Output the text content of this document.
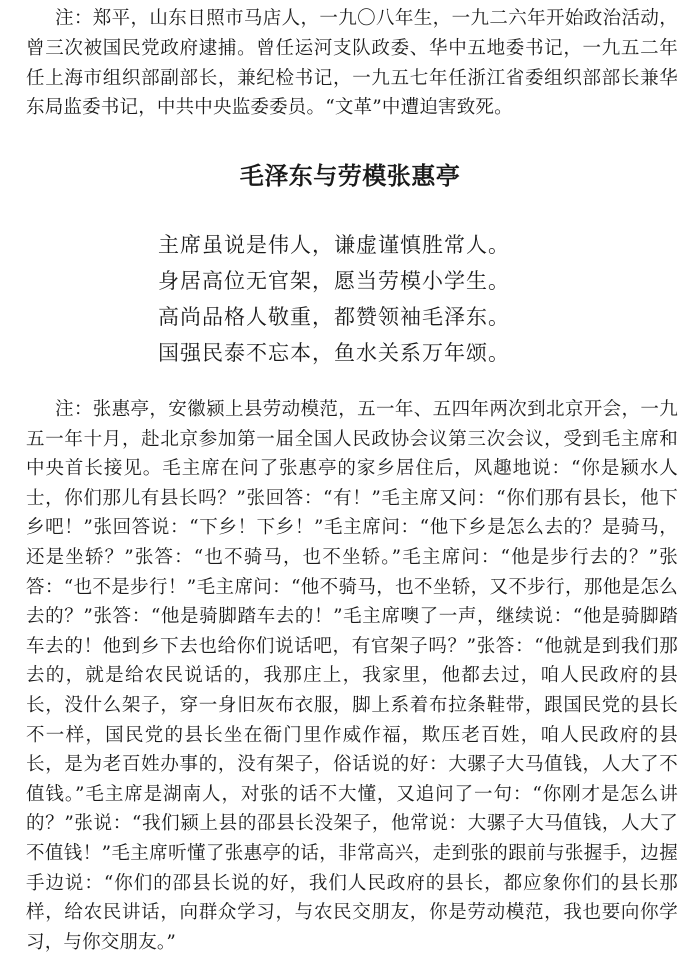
注：郑平，山东日照市马店人，一九〇八年生，一九二六年开始政治活动，曾三次被国民党政府逮捕。曾任运河支队政委、华中五地委书记，一九五二年任上海市组织部副部长，兼纪检书记，一九五七年任浙江省委组织部部长兼华东局监委书记，中共中央监委委员。“文革”中遭迫害致死。

毛泽东与劳模张惠亭
主席虽说是伟人，谦虚谨慎胜常人。
身居高位无官架，愿当劳模小学生。
高尚品格人敬重，都赞领袖毛泽东。
国强民泰不忘本，鱼水关系万年颂。

注：张惠亭，安徽颍上县劳动模范，五一年、五四年两次到北京开会，一九五一年十月，赴北京参加第一届全国人民政协会议第三次会议，受到毛主席和中央首长接见。毛主席在问了张惠亭的家乡居住后，风趣地说：“你是颍水人士，你们那儿有县长吗？”张回答：“有！”毛主席又问：“你们那有县长，他下乡吧！”张回答说：“下乡！下乡！”毛主席问：“他下乡是怎么去的？是骑马，还是坐轿？”张答：“也不骑马，也不坐轿。”毛主席问：“他是步行去的？”张答：“也不是步行！”毛主席问：“他不骑马，也不坐轿，又不步行，那他是怎么去的？”张答：“他是骑脚踏车去的！”毛主席噢了一声，继续说：“他是骑脚踏车去的！他到乡下去也给你们说话吧，有官架子吗？”张答：“他就是到我们那去的，就是给农民说话的，我那庄上，我家里，他都去过，咱人民政府的县长，没什么架子，穿一身旧灰布衣服，脚上系着布拉条鞋带，跟国民党的县长不一样，国民党的县长坐在衙门里作威作福，欺压老百姓，咱人民政府的县长，是为老百姓办事的，没有架子，俗话说的好：大骡子大马值钱，人大了不值钱。”毛主席是湖南人，对张的话不大懂，又追问了一句：“你刚才是怎么讲的？”张说：“我们颍上县的邵县长没架子，他常说：大骡子大马值钱，人大了不值钱！”毛主席听懂了张惠亭的话，非常高兴，走到张的跟前与张握手，边握手边说：“你们的邵县长说的好，我们人民政府的县长，都应象你们的县长那样，给农民讲话，向群众学习，与农民交朋友，你是劳动模范，我也要向你学习，与你交朋友。”
